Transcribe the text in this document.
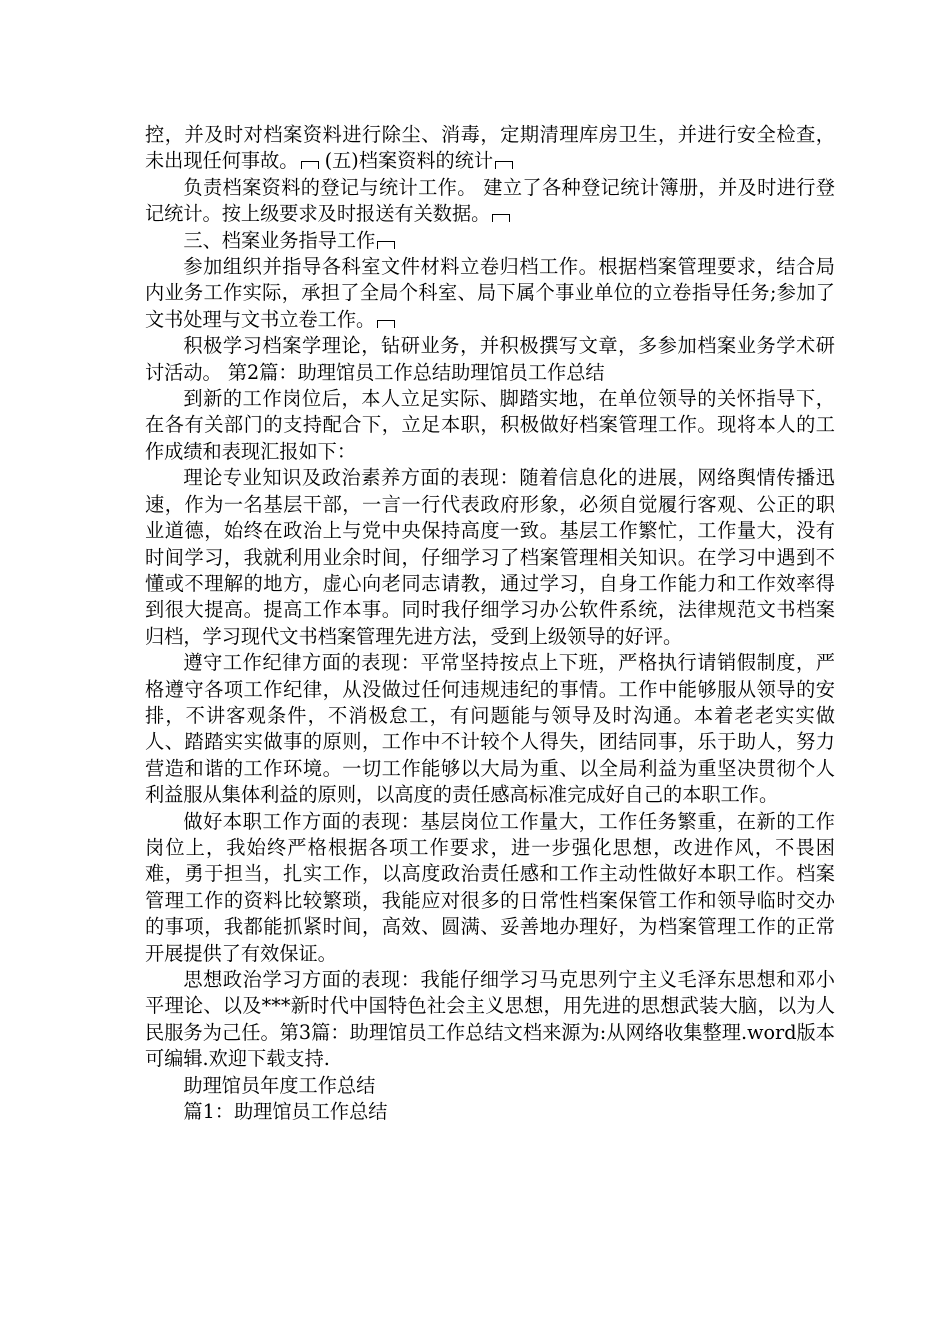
控，并及时对档案资料进行除尘、消毒，定期清理库房卫生，并进行安全检查，未出现任何事故。 (五)档案资料的统计

负责档案资料的登记与统计工作。 建立了各种登记统计簿册，并及时进行登记统计。按上级要求及时报送有关数据。

三、档案业务指导工作

参加组织并指导各科室文件材料立卷归档工作。根据档案管理要求，结合局内业务工作实际，承担了全局个科室、局下属个事业单位的立卷指导任务;参加了文书处理与文书立卷工作。

积极学习档案学理论，钻研业务，并积极撰写文章，多参加档案业务学术研讨活动。 第2篇：助理馆员工作总结助理馆员工作总结

到新的工作岗位后，本人立足实际、脚踏实地，在单位领导的关怀指导下，在各有关部门的支持配合下，立足本职，积极做好档案管理工作。现将本人的工作成绩和表现汇报如下：

理论专业知识及政治素养方面的表现：随着信息化的进展，网络舆情传播迅速，作为一名基层干部，一言一行代表政府形象，必须自觉履行客观、公正的职业道德，始终在政治上与党中央保持高度一致。基层工作繁忙，工作量大，没有时间学习，我就利用业余时间，仔细学习了档案管理相关知识。在学习中遇到不懂或不理解的地方，虚心向老同志请教，通过学习，自身工作能力和工作效率得到很大提高。提高工作本事。同时我仔细学习办公软件系统，法律规范文书档案归档，学习现代文书档案管理先进方法，受到上级领导的好评。

遵守工作纪律方面的表现：平常坚持按点上下班，严格执行请销假制度，严格遵守各项工作纪律，从没做过任何违规违纪的事情。工作中能够服从领导的安排，不讲客观条件，不消极怠工，有问题能与领导及时沟通。本着老老实实做人、踏踏实实做事的原则，工作中不计较个人得失，团结同事，乐于助人，努力营造和谐的工作环境。一切工作能够以大局为重、以全局利益为重坚决贯彻个人利益服从集体利益的原则，以高度的责任感高标准完成好自己的本职工作。

做好本职工作方面的表现：基层岗位工作量大，工作任务繁重，在新的工作岗位上，我始终严格根据各项工作要求，进一步强化思想，改进作风，不畏困难，勇于担当，扎实工作，以高度政治责任感和工作主动性做好本职工作。档案管理工作的资料比较繁琐，我能应对很多的日常性档案保管工作和领导临时交办的事项，我都能抓紧时间，高效、圆满、妥善地办理好，为档案管理工作的正常开展提供了有效保证。

思想政治学习方面的表现：我能仔细学习马克思列宁主义毛泽东思想和邓小平理论、以及***新时代中国特色社会主义思想，用先进的思想武装大脑，以为人民服务为己任。第3篇：助理馆员工作总结文档来源为:从网络收集整理.word版本可编辑.欢迎下载支持.

助理馆员年度工作总结

篇1：助理馆员工作总结
